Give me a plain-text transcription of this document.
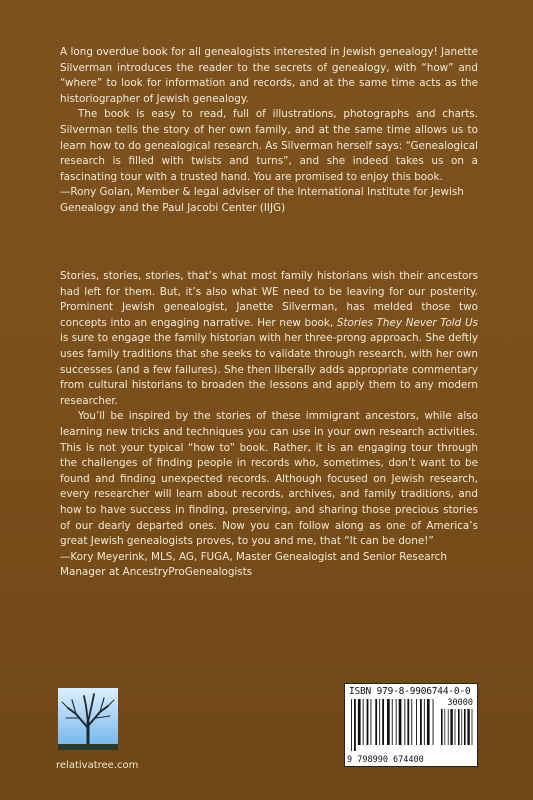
A long overdue book for all genealogists interested in Jewish genealogy! Janette Silverman introduces the reader to the secrets of genealogy, with “how” and “where” to look for information and records, and at the same time acts as the historiographer of Jewish genealogy.

The book is easy to read, full of illustrations, photographs and charts. Silverman tells the story of her own family, and at the same time allows us to learn how to do genealogical research. As Silverman herself says: “Genealogical research is filled with twists and turns”, and she indeed takes us on a fascinating tour with a trusted hand. You are promised to enjoy this book.

—Rony Golan, Member & legal adviser of the International Institute for Jewish Genealogy and the Paul Jacobi Center (IIJG)

Stories, stories, stories, that’s what most family historians wish their ancestors had left for them. But, it’s also what WE need to be leaving for our posterity. Prominent Jewish genealogist, Janette Silverman, has melded those two concepts into an engaging narrative. Her new book, Stories They Never Told Us is sure to engage the family historian with her three-prong approach. She deftly uses family traditions that she seeks to validate through research, with her own successes (and a few failures). She then liberally adds appropriate commentary from cultural historians to broaden the lessons and apply them to any modern researcher.

You’ll be inspired by the stories of these immigrant ancestors, while also learning new tricks and techniques you can use in your own research activities. This is not your typical “how to” book. Rather, it is an engaging tour through the challenges of finding people in records who, sometimes, don’t want to be found and finding unexpected records. Although focused on Jewish research, every researcher will learn about records, archives, and family traditions, and how to have success in finding, preserving, and sharing those precious stories of our dearly departed ones. Now you can follow along as one of America’s great Jewish genealogists proves, to you and me, that “It can be done!”

—Kory Meyerink, MLS, AG, FUGA, Master Genealogist and Senior Research Manager at AncestryProGenealogists

relativatree.com
ISBN 979-8-9906744-0-0
30000
9 798990 674400
